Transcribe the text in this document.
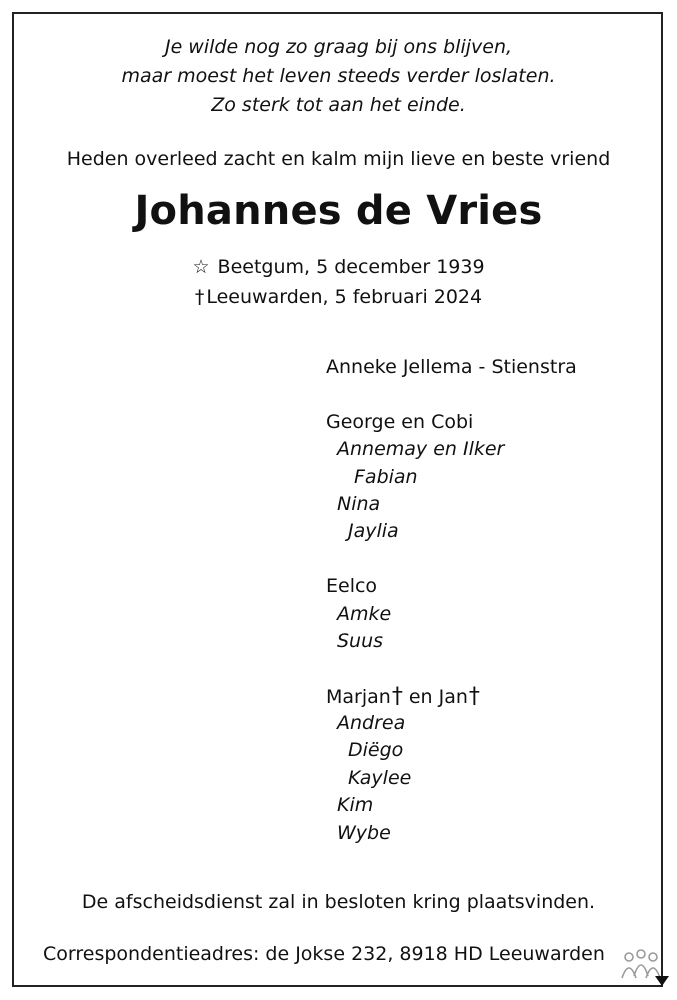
Je wilde nog zo graag bij ons blijven,
maar moest het leven steeds verder loslaten.
Zo sterk tot aan het einde.
Heden overleed zacht en kalm mijn lieve en beste vriend
Johannes de Vries
☆ Beetgum, 5 december 1939
† Leeuwarden, 5 februari 2024
Anneke Jellema - Stienstra
George en Cobi
Annemay en Ilker
Fabian
Nina
Jaylia
Eelco
Amke
Suus
Marjan† en Jan†
Andrea
Diëgo
Kaylee
Kim
Wybe
De afscheidsdienst zal in besloten kring plaatsvinden.
Correspondentieadres: de Jokse 232, 8918 HD Leeuwarden
